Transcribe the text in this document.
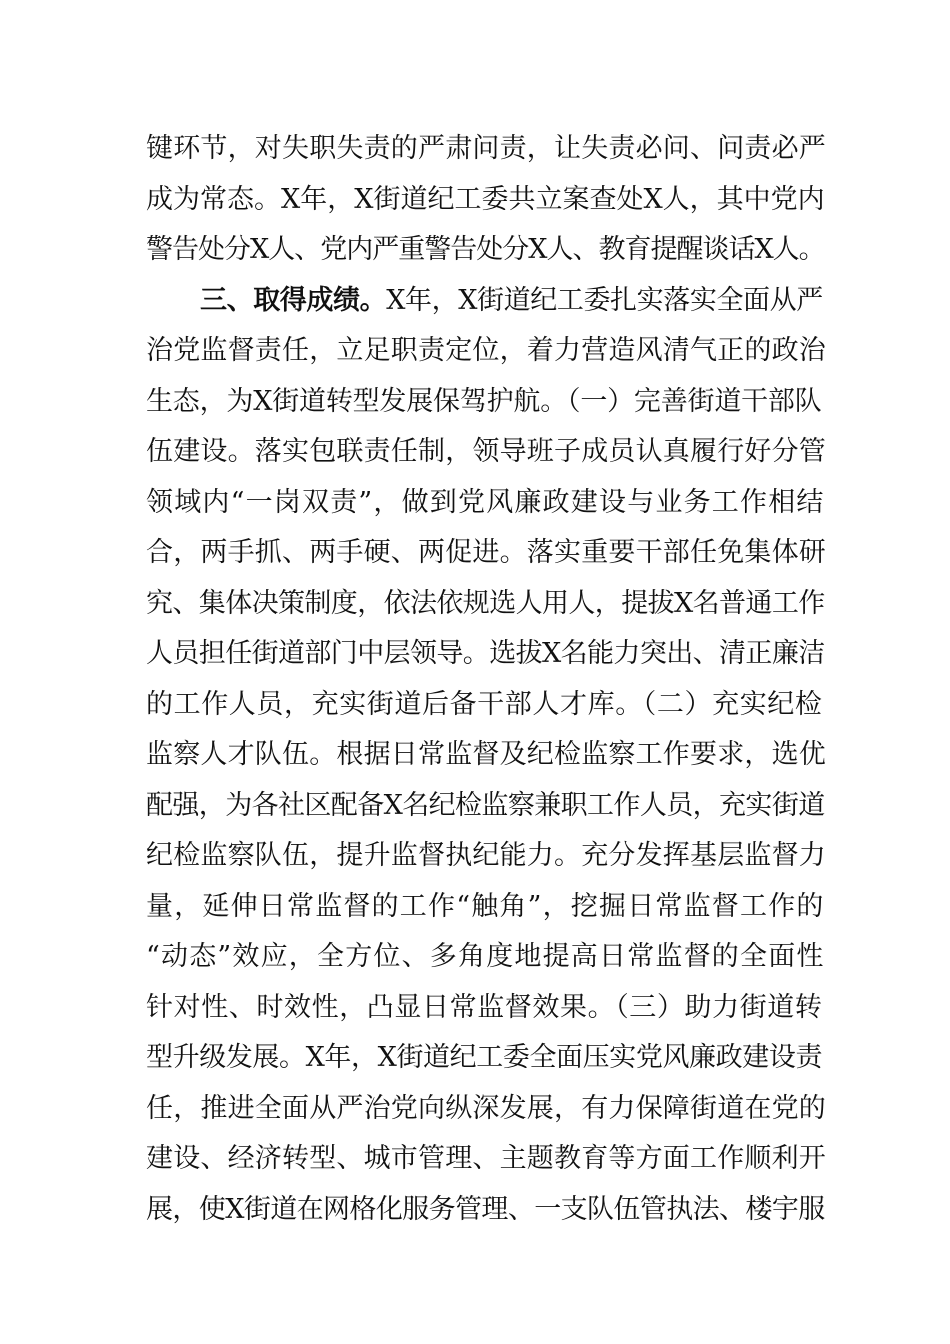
键环节，对失职失责的严肃问责，让失责必问、问责必严
成为常态。X年，X街道纪工委共立案查处X人，其中党内
警告处分X人、党内严重警告处分X人、教育提醒谈话X人。
三、取得成绩。X年，X街道纪工委扎实落实全面从严
治党监督责任，立足职责定位，着力营造风清气正的政治
生态，为X街道转型发展保驾护航。（一）完善街道干部队
伍建设。落实包联责任制，领导班子成员认真履行好分管
领域内“一岗双责”，做到党风廉政建设与业务工作相结
合，两手抓、两手硬、两促进。落实重要干部任免集体研
究、集体决策制度，依法依规选人用人，提拔X名普通工作
人员担任街道部门中层领导。选拔X名能力突出、清正廉洁
的工作人员，充实街道后备干部人才库。（二）充实纪检
监察人才队伍。根据日常监督及纪检监察工作要求，选优
配强，为各社区配备X名纪检监察兼职工作人员，充实街道
纪检监察队伍，提升监督执纪能力。充分发挥基层监督力
量，延伸日常监督的工作“触角”，挖掘日常监督工作的
“动态”效应，全方位、多角度地提高日常监督的全面性
针对性、时效性，凸显日常监督效果。（三）助力街道转
型升级发展。X年，X街道纪工委全面压实党风廉政建设责
任，推进全面从严治党向纵深发展，有力保障街道在党的
建设、经济转型、城市管理、主题教育等方面工作顺利开
展，使X街道在网格化服务管理、一支队伍管执法、楼宇服
